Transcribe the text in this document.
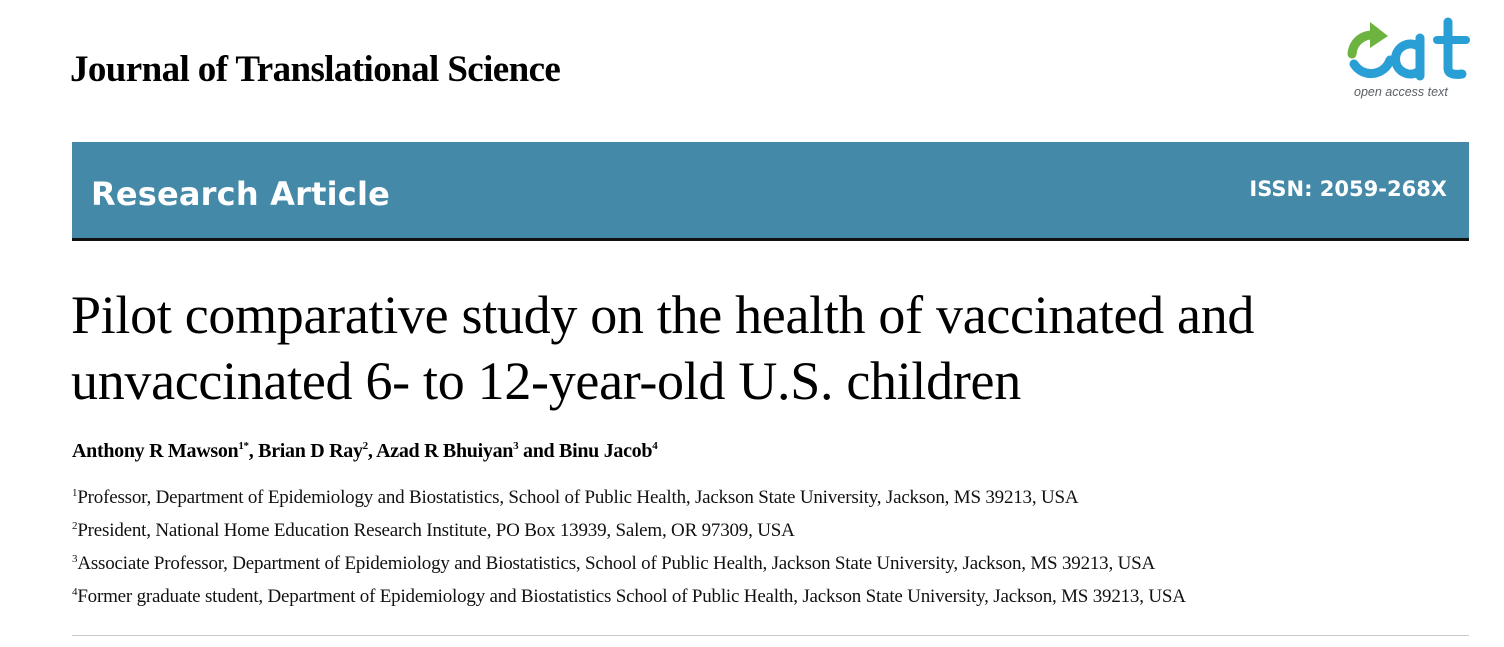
Journal of Translational Science
open access text
Research Article	ISSN: 2059-268X
Pilot comparative study on the health of vaccinated and unvaccinated 6- to 12-year-old U.S. children
Anthony R Mawson$^{1*}$, Brian D Ray$^2$, Azad R Bhuiyan$^3$ and Binu Jacob$^4$
$^1$Professor, Department of Epidemiology and Biostatistics, School of Public Health, Jackson State University, Jackson, MS 39213, USA
$^2$President, National Home Education Research Institute, PO Box 13939, Salem, OR 97309, USA
$^3$Associate Professor, Department of Epidemiology and Biostatistics, School of Public Health, Jackson State University, Jackson, MS 39213, USA
$^4$Former graduate student, Department of Epidemiology and Biostatistics School of Public Health, Jackson State University, Jackson, MS 39213, USA
